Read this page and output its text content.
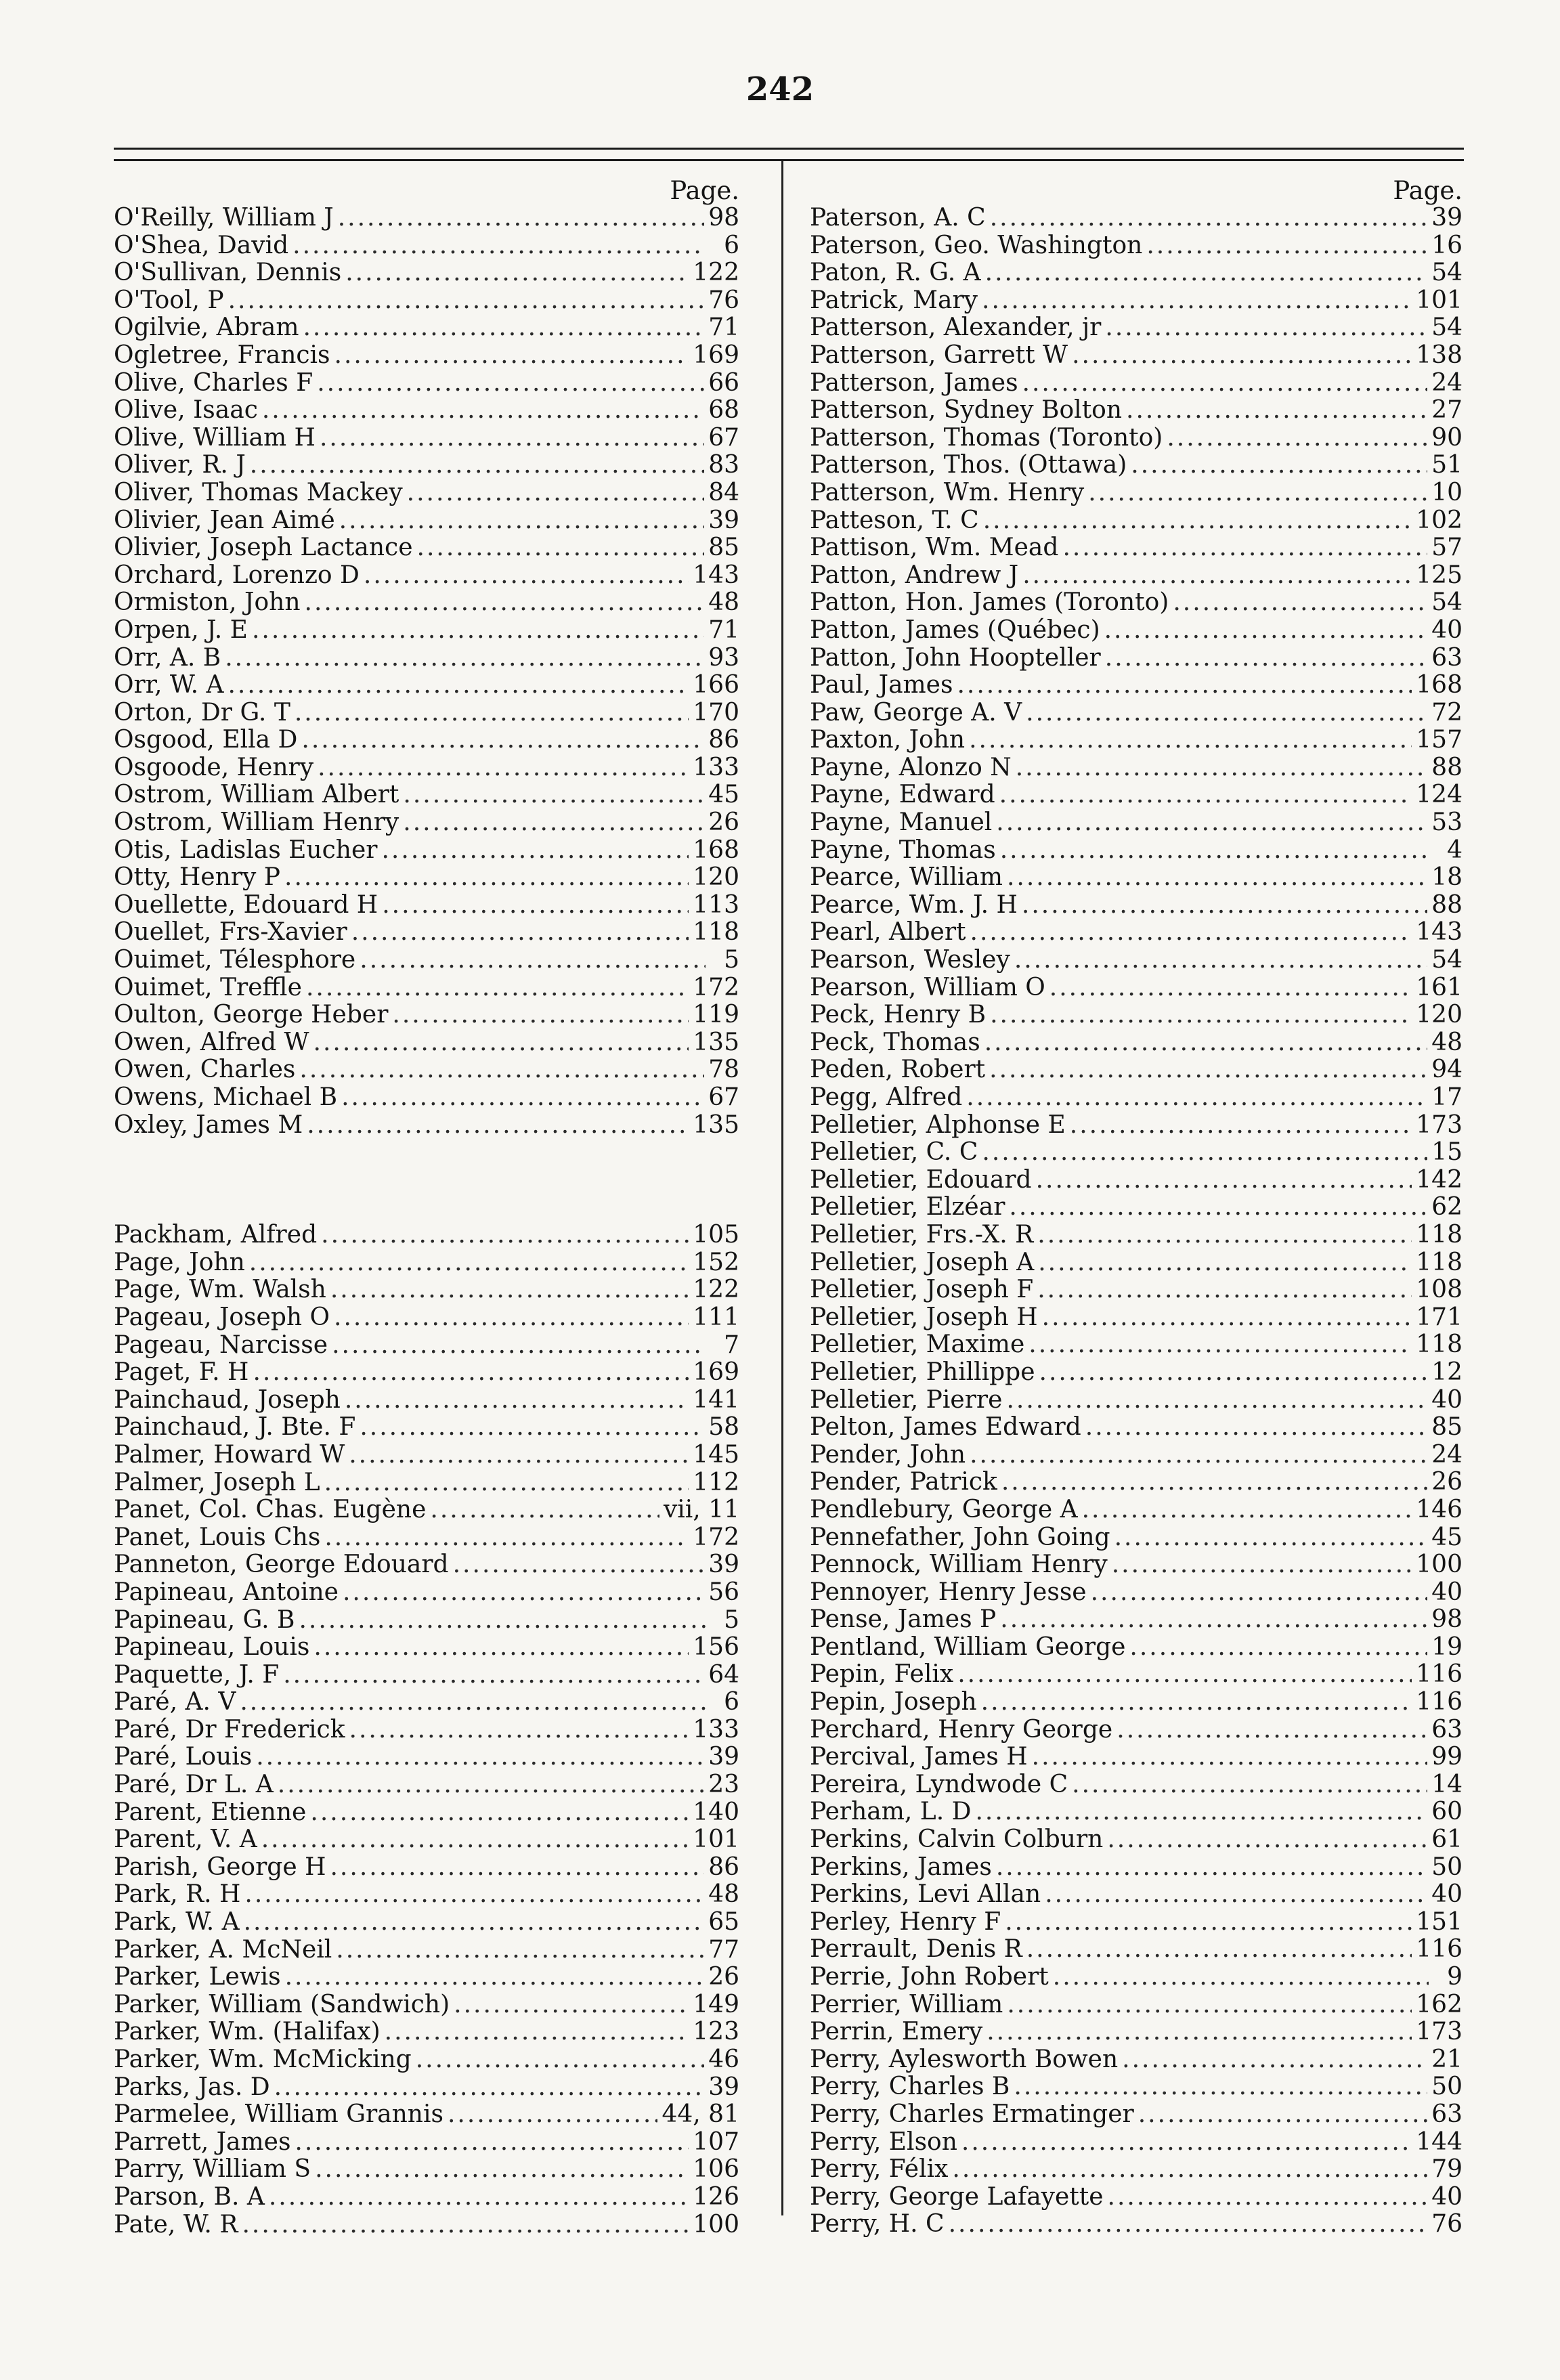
242
Page.
O'Reilly, William J .....	98
O'Shea, David .....	6
O'Sullivan, Dennis .....	122
O'Tool, P .....	76
Ogilvie, Abram .....	71
Ogletree, Francis .....	169
Olive, Charles F .....	66
Olive, Isaac .....	68
Olive, William H .....	67
Oliver, R. J .....	83
Oliver, Thomas Mackey .....	84
Olivier, Jean Aimé .....	39
Olivier, Joseph Lactance .....	85
Orchard, Lorenzo D .....	143
Ormiston, John .....	48
Orpen, J. E .....	71
Orr, A. B .....	93
Orr, W. A .....	166
Orton, Dr G. T .....	170
Osgood, Ella D .....	86
Osgoode, Henry .....	133
Ostrom, William Albert .....	45
Ostrom, William Henry .....	26
Otis, Ladislas Eucher .....	168
Otty, Henry P .....	120
Ouellette, Edouard H .....	113
Ouellet, Frs-Xavier .....	118
Ouimet, Télesphore .....	5
Ouimet, Treffle .....	172
Oulton, George Heber .....	119
Owen, Alfred W .....	135
Owen, Charles .....	78
Owens, Michael B .....	67
Oxley, James M .....	135
Packham, Alfred .....	105
Page, John .....	152
Page, Wm. Walsh .....	122
Pageau, Joseph O .....	111
Pageau, Narcisse .....	7
Paget, F. H .....	169
Painchaud, Joseph .....	141
Painchaud, J. Bte. F .....	58
Palmer, Howard W .....	145
Palmer, Joseph L .....	112
Panet, Col. Chas. Eugène .....	vii, 11
Panet, Louis Chs .....	172
Panneton, George Edouard .....	39
Papineau, Antoine .....	56
Papineau, G. B .....	5
Papineau, Louis .....	156
Paquette, J. F .....	64
Paré, A. V .....	6
Paré, Dr Frederick .....	133
Paré, Louis .....	39
Paré, Dr L. A .....	23
Parent, Etienne .....	140
Parent, V. A .....	101
Parish, George H .....	86
Park, R. H .....	48
Park, W. A .....	65
Parker, A. McNeil .....	77
Parker, Lewis .....	26
Parker, William (Sandwich) .....	149
Parker, Wm. (Halifax) .....	123
Parker, Wm. McMicking .....	46
Parks, Jas. D .....	39
Parmelee, William Grannis .....	44, 81
Parrett, James .....	107
Parry, William S .....	106
Parson, B. A .....	126
Pate, W. R .....	100
Page.
Paterson, A. C .....	39
Paterson, Geo. Washington .....	16
Paton, R. G. A .....	54
Patrick, Mary .....	101
Patterson, Alexander, jr .....	54
Patterson, Garrett W .....	138
Patterson, James .....	24
Patterson, Sydney Bolton .....	27
Patterson, Thomas (Toronto) .....	90
Patterson, Thos. (Ottawa) .....	51
Patterson, Wm. Henry .....	10
Patteson, T. C .....	102
Pattison, Wm. Mead .....	57
Patton, Andrew J .....	125
Patton, Hon. James (Toronto) .....	54
Patton, James (Québec) .....	40
Patton, John Hoopteller .....	63
Paul, James .....	168
Paw, George A. V .....	72
Paxton, John .....	157
Payne, Alonzo N .....	88
Payne, Edward .....	124
Payne, Manuel .....	53
Payne, Thomas .....	4
Pearce, William .....	18
Pearce, Wm. J. H .....	88
Pearl, Albert .....	143
Pearson, Wesley .....	54
Pearson, William O .....	161
Peck, Henry B .....	120
Peck, Thomas .....	48
Peden, Robert .....	94
Pegg, Alfred .....	17
Pelletier, Alphonse E .....	173
Pelletier, C. C .....	15
Pelletier, Edouard .....	142
Pelletier, Elzéar .....	62
Pelletier, Frs.-X. R .....	118
Pelletier, Joseph A .....	118
Pelletier, Joseph F .....	108
Pelletier, Joseph H .....	171
Pelletier, Maxime .....	118
Pelletier, Phillippe .....	12
Pelletier, Pierre .....	40
Pelton, James Edward .....	85
Pender, John .....	24
Pender, Patrick .....	26
Pendlebury, George A .....	146
Pennefather, John Going .....	45
Pennock, William Henry .....	100
Pennoyer, Henry Jesse .....	40
Pense, James P .....	98
Pentland, William George .....	19
Pepin, Felix .....	116
Pepin, Joseph .....	116
Perchard, Henry George .....	63
Percival, James H .....	99
Pereira, Lyndwode C .....	14
Perham, L. D .....	60
Perkins, Calvin Colburn .....	61
Perkins, James .....	50
Perkins, Levi Allan .....	40
Perley, Henry F .....	151
Perrault, Denis R .....	116
Perrie, John Robert .....	9
Perrier, William .....	162
Perrin, Emery .....	173
Perry, Aylesworth Bowen .....	21
Perry, Charles B .....	50
Perry, Charles Ermatinger .....	63
Perry, Elson .....	144
Perry, Félix .....	79
Perry, George Lafayette .....	40
Perry, H. C .....	76
